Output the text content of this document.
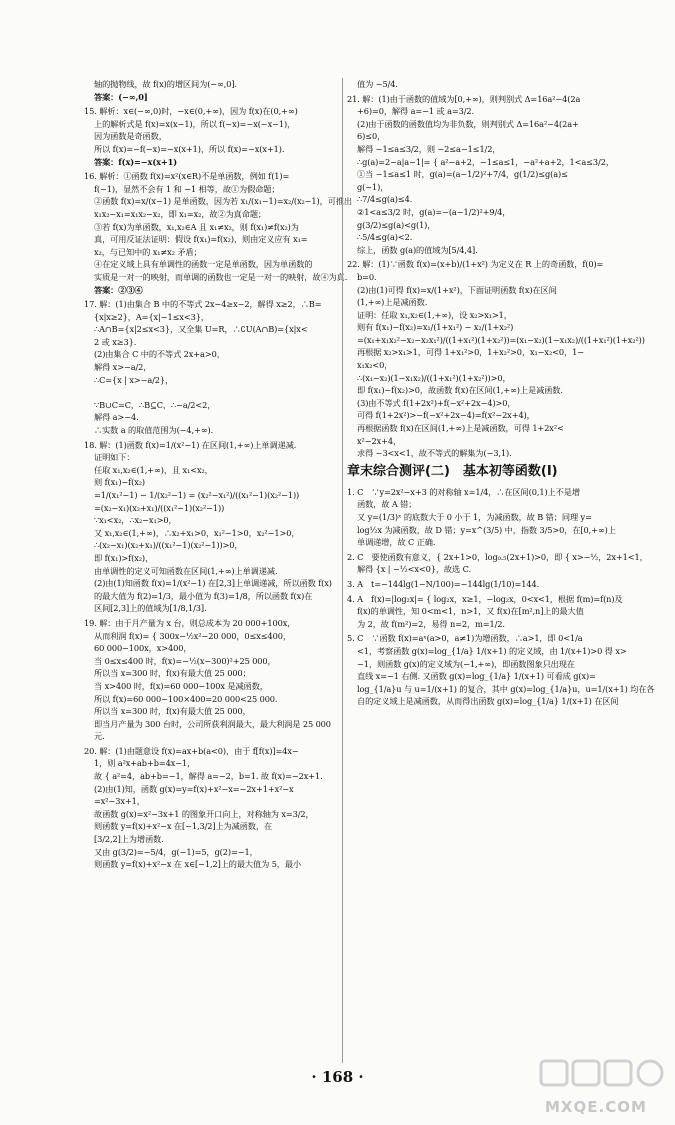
轴的抛物线，故 f(x)的增区间为(−∞,0].

答案：(−∞,0]

15. 解析：x∈(−∞,0)时，−x∈(0,+∞)，因为 f(x)在(0,+∞)

上的解析式是 f(x)=x(x−1)，所以 f(−x)=−x(−x−1)，

因为函数是奇函数，

所以 f(x)=−f(−x)=−x(x+1)，所以 f(x)=−x(x+1).

答案：f(x)=−x(x+1)

16. 解析：①函数 f(x)=x²(x∈R)不是单函数，例如 f(1)=

f(−1)，显然不会有 1 和 −1 相等，故①为假命题；

②函数 f(x)=x/(x−1) 是单函数，因为若 x₁/(x₁−1)=x₂/(x₂−1)，可推出

x₁x₂−x₁=x₁x₂−x₂，即 x₁=x₂，故②为真命题；

③若 f(x)为单函数，x₁,x₂∈A 且 x₁≠x₂，则 f(x₁)≠f(x₂)为

真，可用反证法证明：假设 f(x₁)=f(x₂)，则由定义应有 x₁=

x₂，与已知中的 x₁≠x₂ 矛盾；

④在定义域上具有单调性的函数一定是单函数，因为单函数的

实质是一对一的映射，而单调的函数也一定是一对一的映射，故④为真.

答案：②③④

17. 解：(1)由集合 B 中的不等式 2x−4≥x−2，解得 x≥2，∴B=

{x|x≥2}，A={x|−1≤x<3}，

∴A∩B={x|2≤x<3}，又全集 U=R，∴∁U(A∩B)={x|x<

2 或 x≥3}.

(2)由集合 C 中的不等式 2x+a>0，

解得 x>−a/2，

∴C={x | x>−a/2}，

∵B∪C=C，∴B⊆C，∴−a/2<2，

解得 a>−4.

∴实数 a 的取值范围为(−4,+∞).

18. 解：(1)函数 f(x)=1/(x²−1) 在区间(1,+∞)上单调递减.

证明如下：

任取 x₁,x₂∈(1,+∞)，且 x₁<x₂，

则 f(x₁)−f(x₂)

=1/(x₁²−1) − 1/(x₂²−1) = (x₂²−x₁²)/((x₁²−1)(x₂²−1))

=(x₂−x₁)(x₂+x₁)/((x₁²−1)(x₂²−1))

∵x₁<x₂，∴x₂−x₁>0，

又 x₁,x₂∈(1,+∞)，∴x₂+x₁>0，x₁²−1>0，x₂²−1>0，

∴(x₂−x₁)(x₂+x₁)/((x₁²−1)(x₂²−1))>0，

即 f(x₁)>f(x₂)，

由单调性的定义可知函数在区间(1,+∞)上单调递减.

(2)由(1)知函数 f(x)=1/(x²−1) 在[2,3]上单调递减，所以函数 f(x)

的最大值为 f(2)=1/3，最小值为 f(3)=1/8，所以函数 f(x)在

区间[2,3]上的值域为[1/8,1/3].

19. 解：由于月产量为 x 台，则总成本为 20 000+100x，

从而利润 f(x)= { 300x−½x²−20 000，0≤x≤400，

60 000−100x，x>400，

当 0≤x≤400 时，f(x)=−½(x−300)²+25 000，

所以当 x=300 时，f(x)有最大值 25 000；

当 x>400 时，f(x)=60 000−100x 是减函数，

所以 f(x)=60 000−100×400=20 000<25 000.

所以当 x=300 时，f(x)有最大值 25 000，

即当月产量为 300 台时，公司所获利润最大，最大利润是 25 000

元.

20. 解：(1)由题意设 f(x)=ax+b(a<0)，由于 f[f(x)]=4x−

1，则 a²x+ab+b=4x−1，

故 { a²=4，ab+b=−1，解得 a=−2，b=1. 故 f(x)=−2x+1.

(2)由(1)知，函数 g(x)=y=f(x)+x²−x=−2x+1+x²−x

=x²−3x+1，

故函数 g(x)=x²−3x+1 的图象开口向上，对称轴为 x=3/2，

则函数 y=f(x)+x²−x 在[−1,3/2]上为减函数，在

[3/2,2]上为增函数.

又由 g(3/2)=−5/4，g(−1)=5，g(2)=−1，

则函数 y=f(x)+x²−x 在 x∈[−1,2]上的最大值为 5，最小

值为 −5/4.

21. 解：(1)由于函数的值域为[0,+∞)，则判别式 Δ=16a²−4(2a

+6)=0，解得 a=−1 或 a=3/2.

(2)由于函数的函数值均为非负数，则判别式 Δ=16a²−4(2a+

6)≤0，

解得 −1≤a≤3/2，则 −2≤a−1≤1/2，

∴g(a)=2−a|a−1|= { a²−a+2，−1≤a≤1，−a²+a+2，1<a≤3/2，

①当 −1≤a≤1 时，g(a)=(a−1/2)²+7/4，g(1/2)≤g(a)≤

g(−1)，

∴7/4≤g(a)≤4.

②1<a≤3/2 时，g(a)=−(a−1/2)²+9/4，

g(3/2)≤g(a)<g(1)，

∴5/4≤g(a)<2.

综上，函数 g(a)的值域为[5/4,4].

22. 解：(1)∵函数 f(x)=(x+b)/(1+x²) 为定义在 R 上的奇函数，f(0)=

b=0.

(2)由(1)可得 f(x)=x/(1+x²)，下面证明函数 f(x)在区间

(1,+∞)上是减函数.

证明：任取 x₁,x₂∈(1,+∞)，设 x₂>x₁>1，

则有 f(x₁)−f(x₂)=x₁/(1+x₁²) − x₂/(1+x₂²)

=(x₁+x₁x₂²−x₂−x₂x₁²)/((1+x₁²)(1+x₂²))=(x₁−x₂)(1−x₁x₂)/((1+x₁²)(1+x₂²))

再根据 x₂>x₁>1，可得 1+x₁²>0，1+x₂²>0，x₁−x₂<0，1−

x₁x₂<0，

∴(x₁−x₂)(1−x₁x₂)/((1+x₁²)(1+x₂²))>0，

即 f(x₁)−f(x₂)>0，故函数 f(x)在区间(1,+∞)上是减函数.

(3)由不等式 f(1+2x²)+f(−x²+2x−4)>0，

可得 f(1+2x²)>−f(−x²+2x−4)=f(x²−2x+4)，

再根据函数 f(x)在区间(1,+∞)上是减函数，可得 1+2x²<

x²−2x+4，

求得 −3<x<1，故不等式的解集为(−3,1).

章末综合测评(二)　基本初等函数(Ⅰ)

1. C　∵y=2x²−x+3 的对称轴 x=1/4，∴在区间(0,1)上不是增

函数，故 A 错；

又 y=(1/3)ˣ 的底数大于 0 小于 1，为减函数，故 B 错；同理 y=

log½x 为减函数，故 D 错；y=x^(3/5) 中，指数 3/5>0，在[0,+∞)上

单调递增，故 C 正确.

2. C　要使函数有意义，{ 2x+1>0，log₀.₅(2x+1)>0，即 { x>−½，2x+1<1，

解得 {x | −½<x<0}，故选 C.

3. A　t=−144lg(1−N/100)=−144lg(1/10)=144.

4. A　f(x)=|log₂x|= { log₂x，x≥1，−log₂x，0<x<1，根据 f(m)=f(n)及

f(x)的单调性，知 0<m<1，n>1，又 f(x)在[m²,n]上的最大值

为 2，故 f(m²)=2，易得 n=2，m=1/2.

5. C　∵函数 f(x)=aˣ(a>0，a≠1)为增函数，∴a>1，即 0<1/a

<1，考察函数 g(x)=log_{1/a} 1/(x+1) 的定义域，由 1/(x+1)>0 得 x>

−1，则函数 g(x)的定义域为(−1,+∞)，即函数图象只出现在

直线 x=−1 右侧. 又函数 g(x)=log_{1/a} 1/(x+1) 可看成 g(x)=

log_{1/a}u 与 u=1/(x+1) 的复合，其中 g(x)=log_{1/a}u，u=1/(x+1) 均在各

自的定义域上是减函数，从而得出函数 g(x)=log_{1/a} 1/(x+1) 在区间

· 168 ·
MXQE.COM
